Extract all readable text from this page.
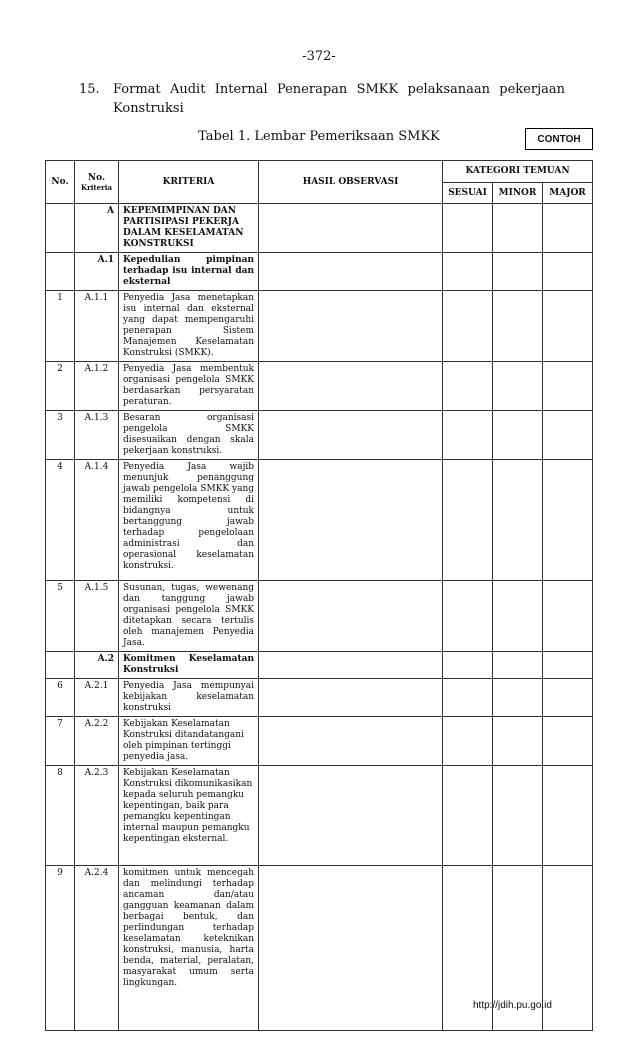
-372-
15. Format Audit Internal Penerapan SMKK pelaksanaan pekerjaan Konstruksi
Tabel 1. Lembar Pemeriksaan SMKK	CONTOH
No.	No.
Kriteria	KRITERIA	HASIL OBSERVASI	KATEGORI TEMUAN		
				SESUAI	MINOR	MAJOR
	A	KEPEMIMPINAN DAN PARTISIPASI PEKERJA DALAM KESELAMATAN KONSTRUKSI				
	A.1	Kepedulian pimpinan terhadap isu internal dan eksternal				
1	A.1.1	Penyedia Jasa menetapkan isu internal dan eksternal yang dapat mempengaruhi penerapan Sistem Manajemen Keselamatan Konstruksi (SMKK).				
2	A.1.2	Penyedia Jasa membentuk organisasi pengelola SMKK berdasarkan persyaratan peraturan.				
3	A.1.3	Besaran organisasi pengelola SMKK disesuaikan dengan skala pekerjaan konstruksi.				
4	A.1.4	Penyedia Jasa wajib menunjuk penanggung jawab pengelola SMKK yang memiliki kompetensi di bidangnya untuk bertanggung jawab terhadap pengelolaan administrasi dan operasional keselamatan konstruksi.				
5	A.1.5	Susunan, tugas, wewenang dan tanggung jawab organisasi pengelola SMKK ditetapkan secara tertulis oleh manajemen Penyedia Jasa.				
	A.2	Komitmen Keselamatan Konstruksi				
6	A.2.1	Penyedia Jasa mempunyai kebijakan keselamatan konstruksi				
7	A.2.2	Kebijakan Keselamatan Konstruksi ditandatangani oleh pimpinan tertinggi penyedia jasa.				
8	A.2.3	Kebijakan Keselamatan Konstruksi dikomunikasikan kepada seluruh pemangku kepentingan, baik para pemangku kepentingan internal maupun pemangku kepentingan eksternal.				
9	A.2.4	komitmen untuk mencegah dan melindungi terhadap ancaman dan/atau gangguan keamanan dalam berbagai bentuk, dan perlindungan terhadap keselamatan keteknikan konstruksi, manusia, harta benda, material, peralatan, masyarakat umum serta lingkungan.				
http://jdih.pu.go.id
